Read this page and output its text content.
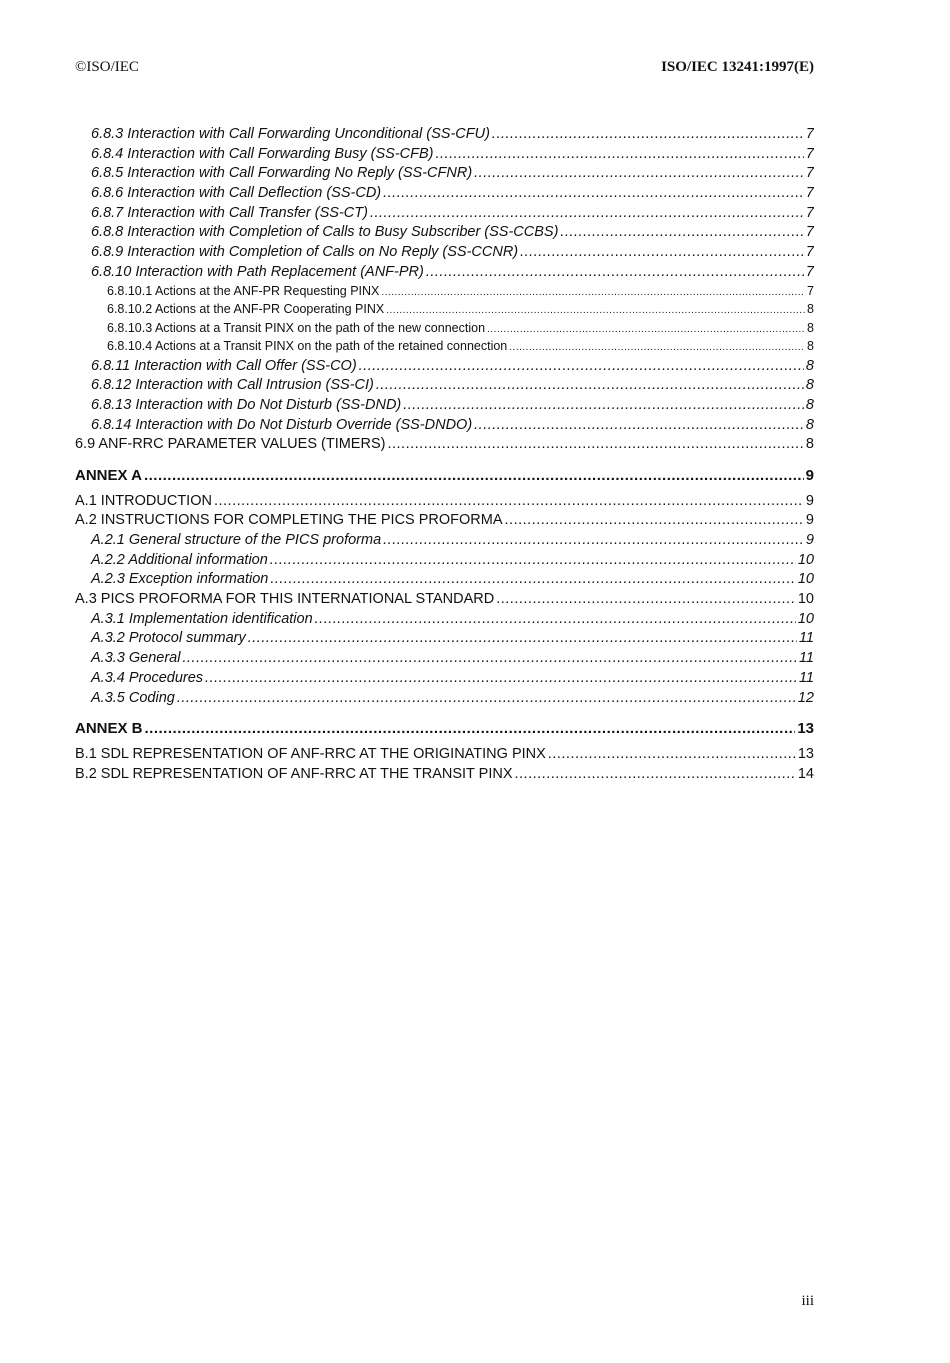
©ISO/IEC	ISO/IEC 13241:1997(E)
6.8.3 Interaction with Call Forwarding Unconditional (SS-CFU) .....	7
6.8.4 Interaction with Call Forwarding Busy (SS-CFB) .....	7
6.8.5 Interaction with Call Forwarding No Reply (SS-CFNR) .....	7
6.8.6 Interaction with Call Deflection (SS-CD) .....	7
6.8.7 Interaction with Call Transfer (SS-CT) .....	7
6.8.8 Interaction with Completion of Calls to Busy Subscriber (SS-CCBS) .....	7
6.8.9 Interaction with Completion of Calls on No Reply (SS-CCNR) .....	7
6.8.10 Interaction with Path Replacement (ANF-PR) .....	7
6.8.10.1 Actions at the ANF-PR Requesting PINX .....	7
6.8.10.2 Actions at the ANF-PR Cooperating PINX .....	8
6.8.10.3 Actions at a Transit PINX on the path of the new connection .....	8
6.8.10.4 Actions at a Transit PINX on the path of the retained connection .....	8
6.8.11 Interaction with Call Offer (SS-CO) .....	8
6.8.12 Interaction with Call Intrusion (SS-CI) .....	8
6.8.13 Interaction with Do Not Disturb (SS-DND) .....	8
6.8.14 Interaction with Do Not Disturb Override (SS-DNDO) .....	8
6.9 ANF-RRC PARAMETER VALUES (TIMERS) .....	8
ANNEX A .....	9
A.1 INTRODUCTION .....	9
A.2 INSTRUCTIONS FOR COMPLETING THE PICS PROFORMA .....	9
A.2.1 General structure of the PICS proforma .....	9
A.2.2 Additional information .....	10
A.2.3 Exception information .....	10
A.3 PICS PROFORMA FOR THIS INTERNATIONAL STANDARD .....	10
A.3.1 Implementation identification .....	10
A.3.2 Protocol summary .....	11
A.3.3 General .....	11
A.3.4 Procedures .....	11
A.3.5 Coding .....	12
ANNEX B .....	13
B.1 SDL REPRESENTATION OF ANF-RRC AT THE ORIGINATING PINX .....	13
B.2 SDL REPRESENTATION OF ANF-RRC AT THE TRANSIT PINX .....	14
iii
